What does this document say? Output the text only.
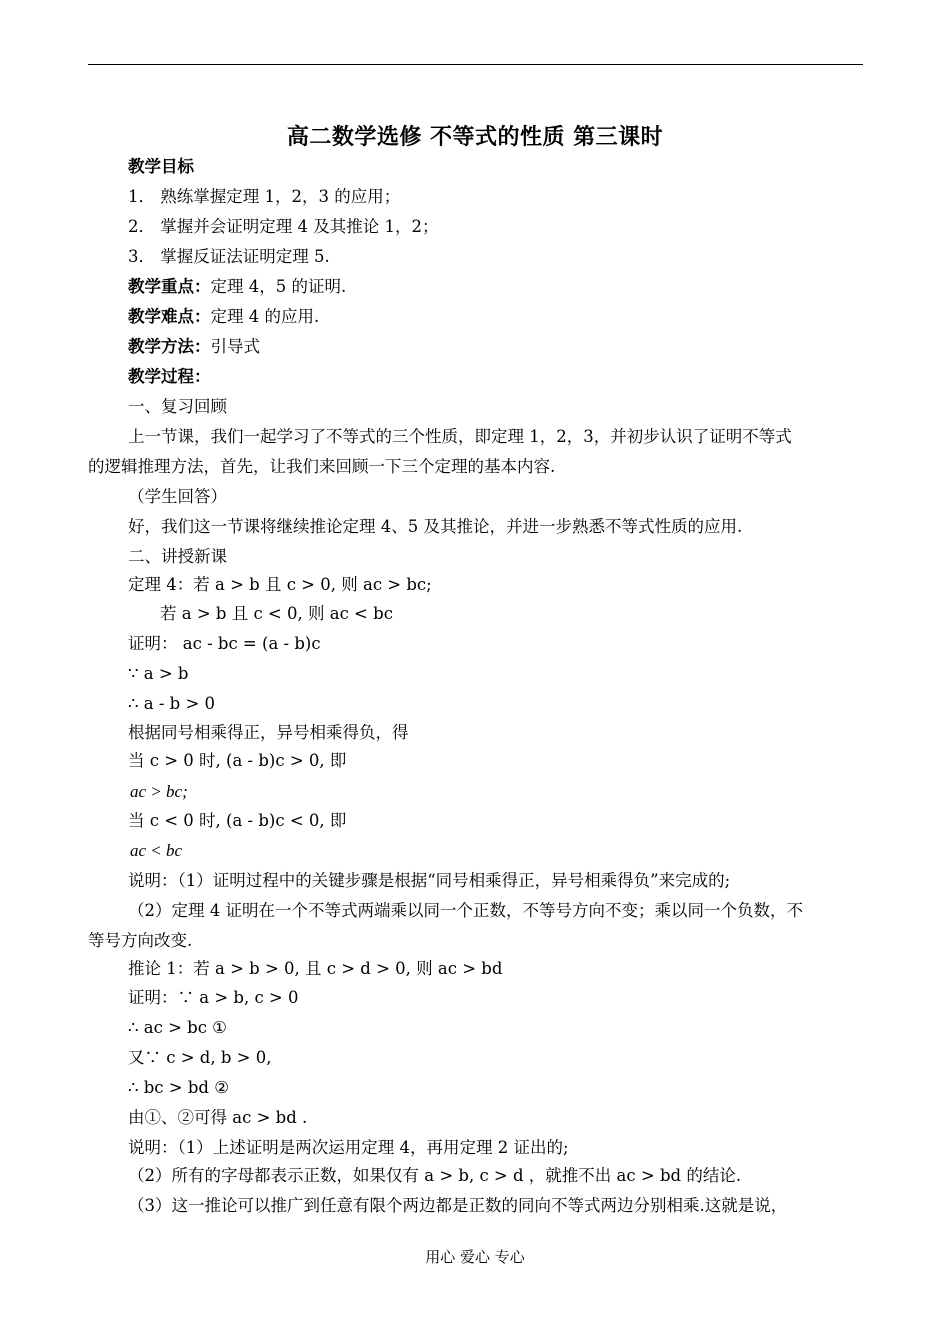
高二数学选修 不等式的性质 第三课时
教学目标
1． 熟练掌握定理 1，2，3 的应用；
2． 掌握并会证明定理 4 及其推论 1，2；
3． 掌握反证法证明定理 5.
教学重点：定理 4，5 的证明.
教学难点：定理 4 的应用.
教学方法：引导式
教学过程：
一、复习回顾
上一节课，我们一起学习了不等式的三个性质，即定理 1，2，3，并初步认识了证明不等式
的逻辑推理方法，首先，让我们来回顾一下三个定理的基本内容.
（学生回答）
好，我们这一节课将继续推论定理 4、5 及其推论，并进一步熟悉不等式性质的应用.
二、讲授新课
定理 4：若 a > b 且 c > 0, 则 ac > bc;
若 a > b 且 c < 0, 则 ac < bc
证明： ac - bc = (a - b)c
∵ a > b
∴ a - b > 0
根据同号相乘得正，异号相乘得负，得
当 c > 0 时, (a - b)c > 0, 即
ac > bc;
当 c < 0 时, (a - b)c < 0, 即
ac < bc
说明：（1）证明过程中的关键步骤是根据“同号相乘得正，异号相乘得负”来完成的;
（2）定理 4 证明在一个不等式两端乘以同一个正数，不等号方向不变；乘以同一个负数，不
等号方向改变.
推论 1：若 a > b > 0, 且 c > d > 0, 则 ac > bd
证明：∵ a > b, c > 0
∴ ac > bc ①
又∵ c > d, b > 0,
∴ bc > bd ②
由①、②可得 ac > bd .
说明：（1）上述证明是两次运用定理 4，再用定理 2 证出的;
（2）所有的字母都表示正数，如果仅有 a > b, c > d ，就推不出 ac > bd 的结论.
（3）这一推论可以推广到任意有限个两边都是正数的同向不等式两边分别相乘.这就是说，
用心 爱心 专心
